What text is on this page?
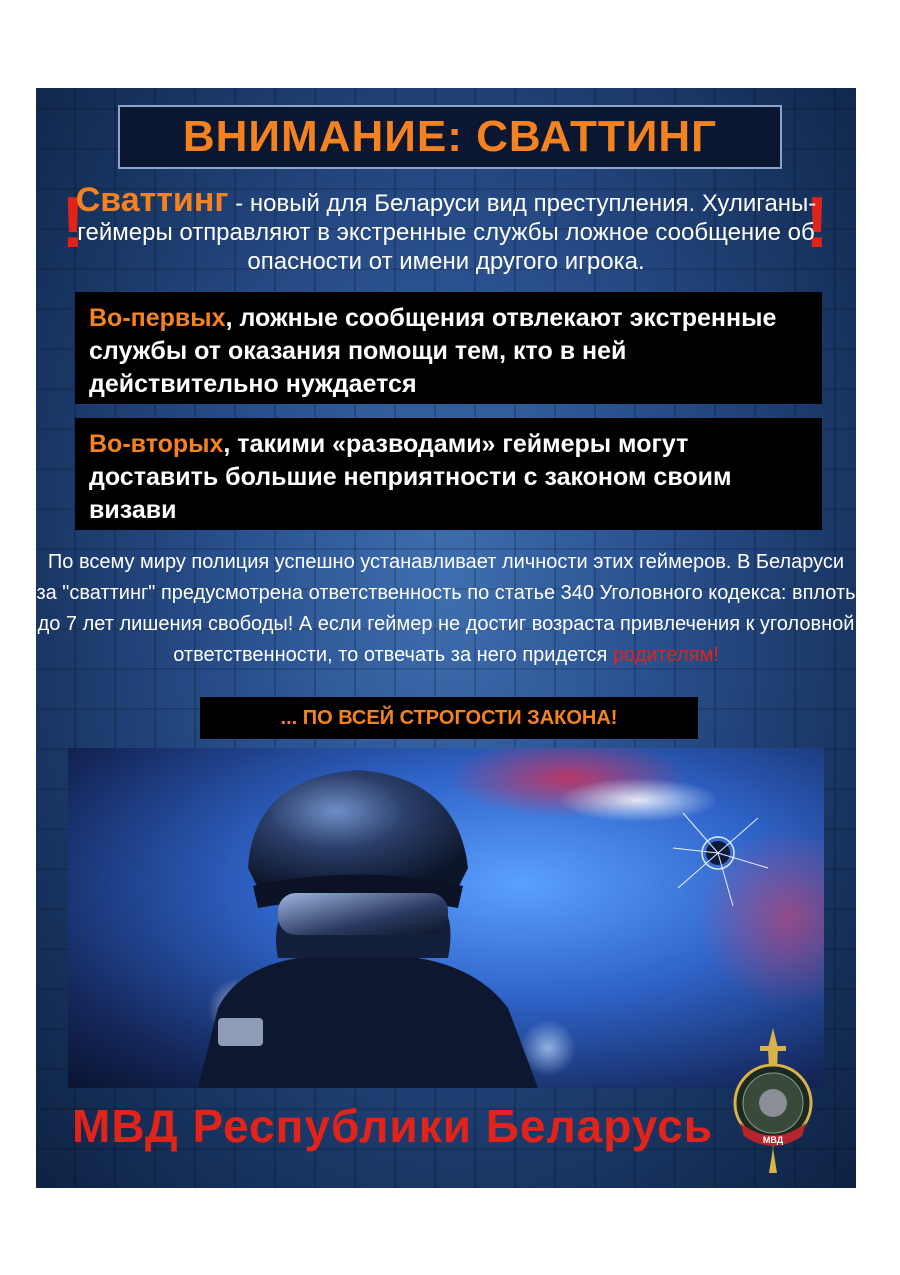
!	!
ВНИМАНИЕ: СВАТТИНГ
Сваттинг - новый для Беларуси вид преступления. Хулиганы-геймеры отправляют в экстренные службы ложное сообщение об опасности от имени другого игрока.
Во-первых, ложные сообщения отвлекают экстренные службы от оказания помощи тем, кто в ней действительно нуждается
Во-вторых, такими «разводами» геймеры могут доставить большие неприятности с законом своим визави
По всему миру полиция успешно устанавливает личности этих геймеров. В Беларуси за "сваттинг" предусмотрена ответственность по статье 340 Уголовного кодекса: вплоть до 7 лет лишения свободы! А если геймер не достиг возраста привлечения к уголовной ответственности, то отвечать за него придется родителям!
... ПО ВСЕЙ СТРОГОСТИ ЗАКОНА!
МВД Республики Беларусь	МВД
